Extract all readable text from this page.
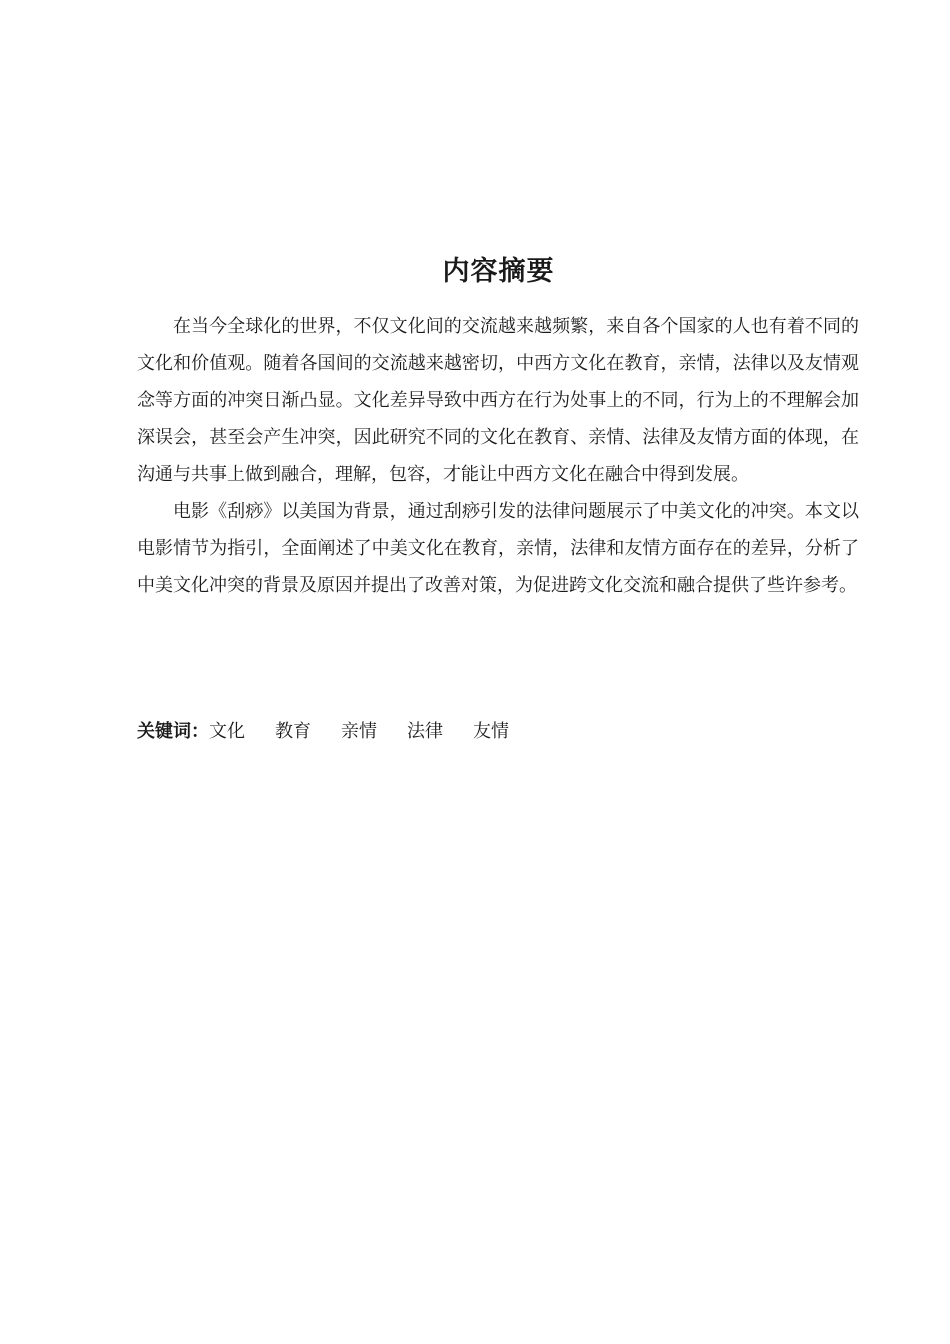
内容摘要

在当今全球化的世界，不仅文化间的交流越来越频繁，来自各个国家的人也有着不同的文化和价值观。随着各国间的交流越来越密切，中西方文化在教育，亲情，法律以及友情观念等方面的冲突日渐凸显。文化差异导致中西方在行为处事上的不同，行为上的不理解会加深误会，甚至会产生冲突，因此研究不同的文化在教育、亲情、法律及友情方面的体现，在沟通与共事上做到融合，理解，包容，才能让中西方文化在融合中得到发展。

电影《刮痧》以美国为背景，通过刮痧引发的法律问题展示了中美文化的冲突。本文以电影情节为指引，全面阐述了中美文化在教育，亲情，法律和友情方面存在的差异，分析了中美文化冲突的背景及原因并提出了改善对策，为促进跨文化交流和融合提供了些许参考。

关键词：文化 教育 亲情 法律 友情
